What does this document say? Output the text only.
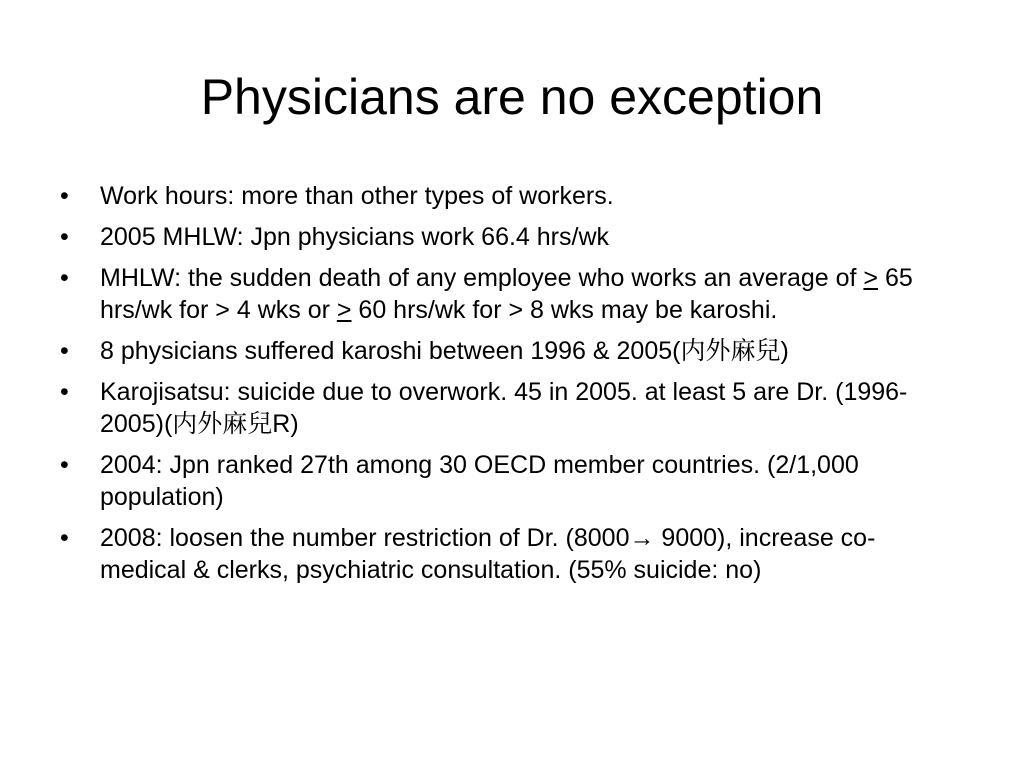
Physicians are no exception
•	Work hours: more than other types of workers.
•	2005 MHLW: Jpn physicians work 66.4 hrs/wk
•	MHLW: the sudden death of any employee who works an average of ≥ 65 hrs/wk for > 4 wks or ≥ 60 hrs/wk for > 8 wks may be karoshi.
•	8 physicians suffered karoshi between 1996 & 2005(内外麻兒)
•	Karojisatsu: suicide due to overwork. 45 in 2005. at least 5 are Dr. (1996-2005)(内外麻兒R)
•	2004: Jpn ranked 27th among 30 OECD member countries. (2/1,000 population)
•	2008: loosen the number restriction of Dr. (8000→ 9000), increase co-medical & clerks, psychiatric consultation. (55% suicide: no)
